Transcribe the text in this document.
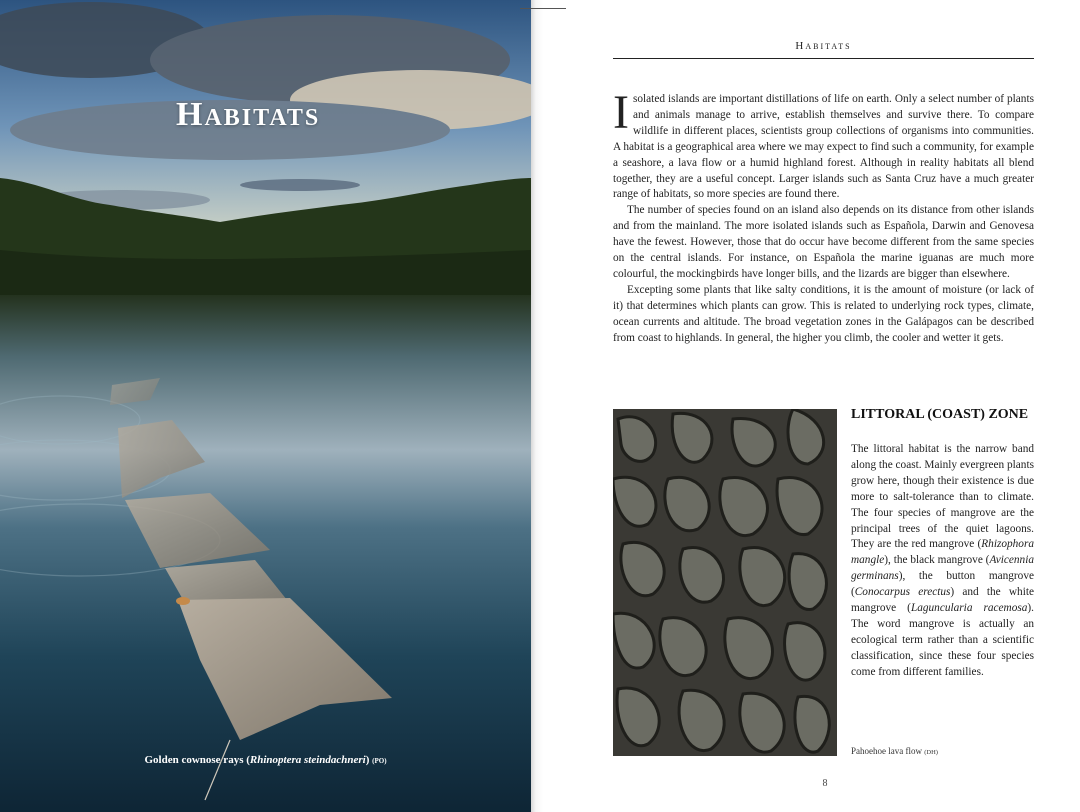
Habitats
Golden cownose rays (Rhinoptera steindachneri) (PO)
Habitats

Isolated islands are important distillations of life on earth. Only a select number of plants and animals manage to arrive, establish themselves and survive there. To compare wildlife in different places, scientists group collections of organisms into communities. A habitat is a geographical area where we may expect to find such a community, for example a seashore, a lava flow or a humid highland forest. Although in reality habitats all blend together, they are a useful concept. Larger islands such as Santa Cruz have a much greater range of habitats, so more species are found there.

The number of species found on an island also depends on its distance from other islands and from the mainland. The more isolated islands such as Española, Darwin and Genovesa have the fewest. However, those that do occur have become different from the same species on the central islands. For instance, on Española the marine iguanas are much more colourful, the mockingbirds have longer bills, and the lizards are bigger than elsewhere.

Excepting some plants that like salty conditions, it is the amount of moisture (or lack of it) that determines which plants can grow. This is related to underlying rock types, climate, ocean currents and altitude. The broad vegetation zones in the Galápagos can be described from coast to highlands. In general, the higher you climb, the cooler and wetter it gets.

LITTORAL (COAST) ZONE

The littoral habitat is the narrow band along the coast. Mainly evergreen plants grow here, though their existence is due more to salt-tolerance than to climate. The four species of mangrove are the principal trees of the quiet lagoons. They are the red mangrove (Rhizophora mangle), the black mangrove (Avicennia germinans), the button mangrove (Conocarpus erectus) and the white mangrove (Laguncularia racemosa). The word mangrove is actually an ecological term rather than a scientific classification, since these four species come from different families.

Pahoehoe lava flow (DH)
8
